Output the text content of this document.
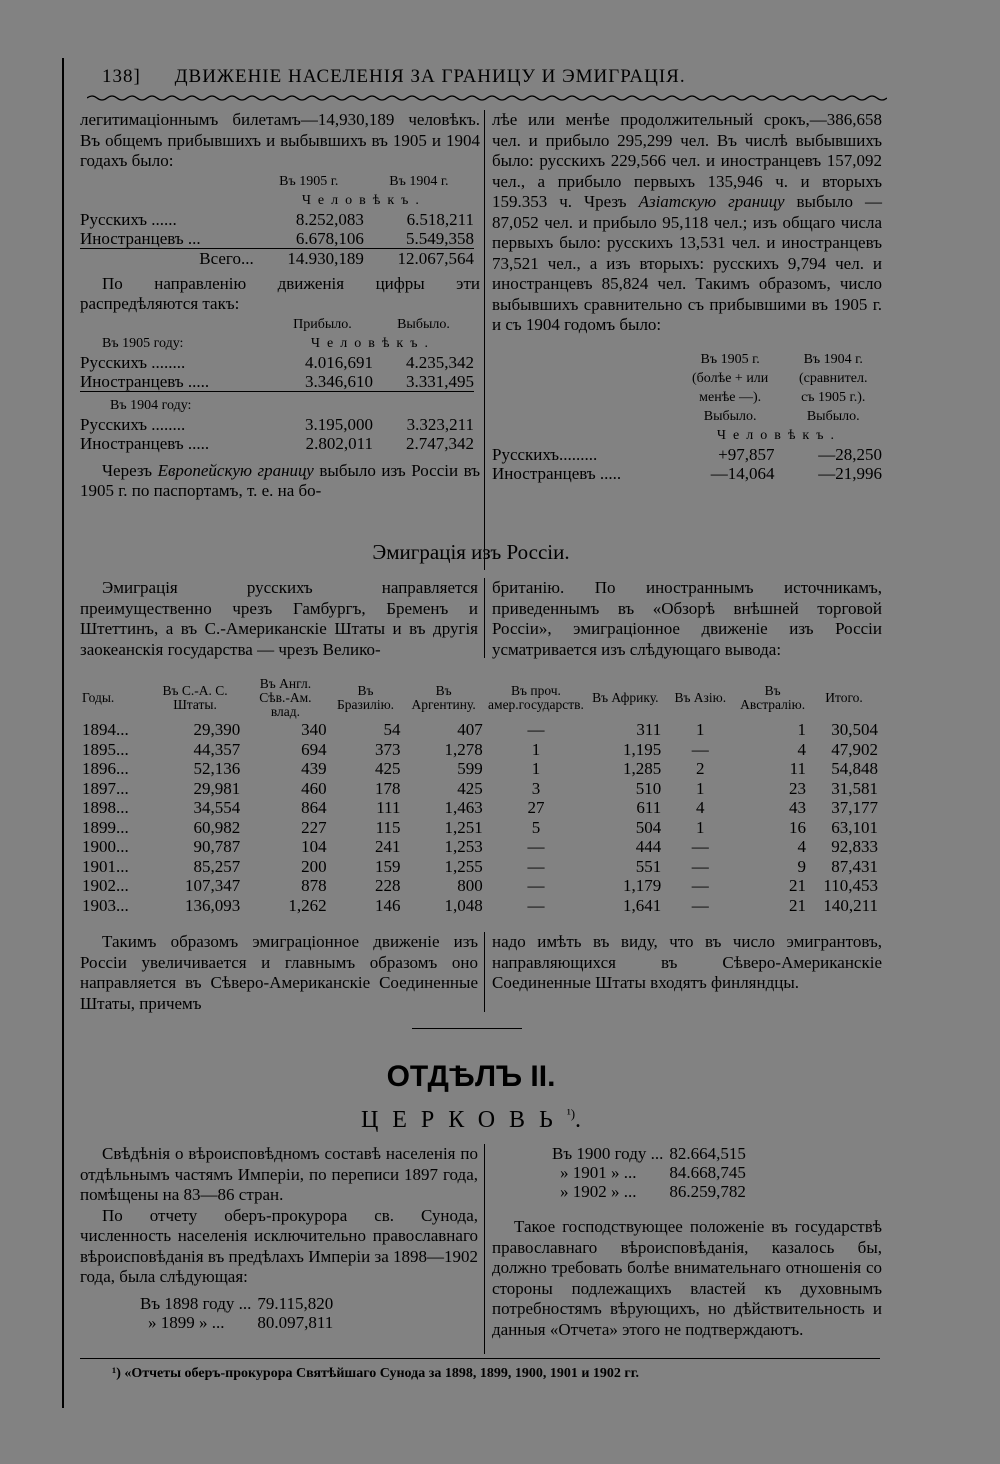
138] ДВИЖЕНІЕ НАСЕЛЕНІЯ ЗА ГРАНИЦУ И ЭМИГРАЦІЯ.

легитимаціоннымъ билетамъ—14,930,189 человѣкъ. Въ общемъ прибывшихъ и выбывшихъ въ 1905 и 1904 годахъ было:

	Въ 1905 г.	Въ 1904 г.
	Человѣкъ.	
Русскихъ ......	8.252,083	6.518,211
Иностранцевъ ...	6.678,106	5.549,358
Всего...	14.930,189	12.067,564

По направленію движенія цифры эти распредѣляются такъ:

	Прибыло.	Выбыло.
Въ 1905 году:	Человѣкъ.	
Русскихъ ........	4.016,691	4.235,342
Иностранцевъ .....	3.346,610	3.331,495
Въ 1904 году:		
Русскихъ ........	3.195,000	3.323,211
Иностранцевъ .....	2.802,011	2.747,342

Черезъ Европейскую границу выбыло изъ Россіи въ 1905 г. по паспортамъ, т. е. на бо-

лѣе или менѣе продолжительный срокъ,—386,658 чел. и прибыло 295,299 чел. Въ числѣ выбывшихъ было: русскихъ 229,566 чел. и иностранцевъ 157,092 чел., а прибыло первыхъ 135,946 ч. и вторыхъ 159.353 ч. Чрезъ Азіатскую границу выбыло — 87,052 чел. и прибыло 95,118 чел.; изъ общаго числа первыхъ было: русскихъ 13,531 чел. и иностранцевъ 73,521 чел., а изъ вторыхъ: русскихъ 9,794 чел. и иностранцевъ 85,824 чел. Такимъ образомъ, число выбывшихъ сравнительно съ прибывшими въ 1905 г. и съ 1904 годомъ было:

	Въ 1905 г.	Въ 1904 г.
	(болѣе + или	(сравнител.
	менѣе —).	съ 1905 г.).
	Выбыло.	Выбыло.
	Человѣкъ.	
Русскихъ.........	+97,857	—28,250
Иностранцевъ .....	—14,064	—21,996
Эмиграція изъ Россіи.

Эмиграція русскихъ направляется преимущественно чрезъ Гамбургъ, Бременъ и Штеттинъ, а въ С.-Американскіе Штаты и въ другія заокеанскія государства — чрезъ Велико-

британію. По иностраннымъ источникамъ, приведеннымъ въ «Обзорѣ внѣшней торговой Россіи», эмиграціонное движеніе изъ Россіи усматривается изъ слѣдующаго вывода:

Годы.	Въ С.-А. С. Штаты.	Въ Англ. Сѣв.-Ам. влад.	Въ Бразилію.	Въ Аргентину.	Въ проч. амер.государств.	Въ Африку.	Въ Азію.	Въ Австралію.	Итого.
1894...	29,390	340	54	407	—	311	1	1	30,504
1895...	44,357	694	373	1,278	1	1,195	—	4	47,902
1896...	52,136	439	425	599	1	1,285	2	11	54,848
1897...	29,981	460	178	425	3	510	1	23	31,581
1898...	34,554	864	111	1,463	27	611	4	43	37,177
1899...	60,982	227	115	1,251	5	504	1	16	63,101
1900...	90,787	104	241	1,253	—	444	—	4	92,833
1901...	85,257	200	159	1,255	—	551	—	9	87,431
1902...	107,347	878	228	800	—	1,179	—	21	110,453
1903...	136,093	1,262	146	1,048	—	1,641	—	21	140,211

Такимъ образомъ эмиграціонное движеніе изъ Россіи увеличивается и главнымъ образомъ оно направляется въ Сѣверо-Американскіе Соединенные Штаты, причемъ

надо имѣть въ виду, что въ число эмигрантовъ, направляющихся въ Сѣверо-Американскіе Соединенные Штаты входятъ финляндцы.

ОТДѢЛЪ II.
$ЦЕРКОВЬ^{^1)}$.

Свѣдѣнія о вѣроисповѣдномъ составѣ населенія по отдѣльнымъ частямъ Имперіи, по переписи 1897 года, помѣщены на 83—86 стран.

По отчету оберъ-прокурора св. Сунода, численность населенія исключительно православнаго вѣроисповѣданія въ предѣлахъ Имперіи за 1898—1902 года, была слѣдующая:

Въ 1898 году ...	79.115,820
» 1899 » ...	80.097,811
Въ 1900 году ...	82.664,515
» 1901 » ...	84.668,745
» 1902 » ...	86.259,782

Такое господствующее положеніе въ государствѣ православнаго вѣроисповѣданія, казалось бы, должно требовать болѣе внимательнаго отношенія со стороны подлежащихъ властей къ духовнымъ потребностямъ вѣрующихъ, но дѣйствительность и данныя «Отчета» этого не подтверждаютъ.

¹) «Отчеты оберъ-прокурора Святѣйшаго Сунода за 1898, 1899, 1900, 1901 и 1902 гг.
